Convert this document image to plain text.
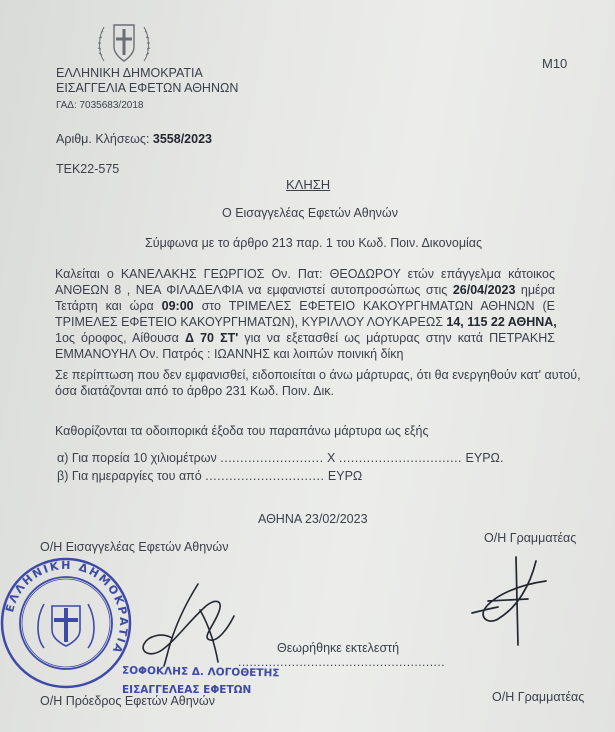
ΕΛΛΗΝΙΚΗ ΔΗΜΟΚΡΑΤΙΑ
ΕΙΣΑΓΓΕΛΙΑ ΕΦΕΤΩΝ ΑΘΗΝΩΝ
ΓΑΔ: 7035683/2018
Μ10
Αριθμ. Κλήσεως: 3558/2023
ΤΕΚ22-575
ΚΛΗΣΗ
Ο Εισαγγελέας Εφετών Αθηνών
Σύμφωνα με το άρθρο 213 παρ. 1 του Κωδ. Ποιν. Δικονομίας
Καλείται ο ΚΑΝΕΛΑΚΗΣ ΓΕΩΡΓΙΟΣ Ον. Πατ: ΘΕΟΔΩΡΟΥ ετών επάγγελμα κάτοικος
ΑΝΘΕΩΝ 8 , ΝΕΑ ΦΙΛΑΔΕΛΦΙΑ να εμφανιστεί αυτοπροσώπως στις 26/04/2023 ημέρα
Τετάρτη και ώρα 09:00 στο ΤΡΙΜΕΛΕΣ ΕΦΕΤΕΙΟ ΚΑΚΟΥΡΓΗΜΑΤΩΝ ΑΘΗΝΩΝ (Ε
ΤΡΙΜΕΛΕΣ ΕΦΕΤΕΙΟ ΚΑΚΟΥΡΓΗΜΑΤΩΝ), ΚΥΡΙΛΛΟΥ ΛΟΥΚΑΡΕΩΣ 14, 115 22 ΑΘΗΝΑ,
1ος όροφος, Αίθουσα Δ 70 ΣΤ' για να εξετασθεί ως μάρτυρας στην κατά ΠΕΤΡΑΚΗΣ
ΕΜΜΑΝΟΥΗΛ Ον. Πατρός : ΙΩΑΝΝΗΣ και λοιπών ποινική δίκη
Σε περίπτωση που δεν εμφανισθεί, ειδοποιείται ο άνω μάρτυρας, ότι θα ενεργηθούν κατ' αυτού,
όσα διατάζονται από το άρθρο 231 Κωδ. Ποιν. Δικ.
Καθορίζονται τα οδοιπορικά έξοδα του παραπάνω μάρτυρα ως εξής
α) Για πορεία 10 χιλιομέτρων .......................... Χ ............................... ΕΥΡΩ.
β) Για ημεραργίες του από .............................. ΕΥΡΩ
ΑΘΗΝΑ 23/02/2023
Ο/Η Εισαγγελέας Εφετών Αθηνών
Ο/Η Γραμματέας
ΕΛΛΗΝΙΚΗ ΔΗΜΟΚΡΑΤΙΑ	Θεωρήθηκε εκτελεστή
......................................................
ΣΟΦΟΚΛΗΣ Δ. ΛΟΓΟΘΕΤΗΣ
ΕΙΣΑΓΓΕΛΕΑΣ ΕΦΕΤΩΝ
Ο/Η Πρόεδρος Εφετών Αθηνών	Ο/Η Γραμματέας
